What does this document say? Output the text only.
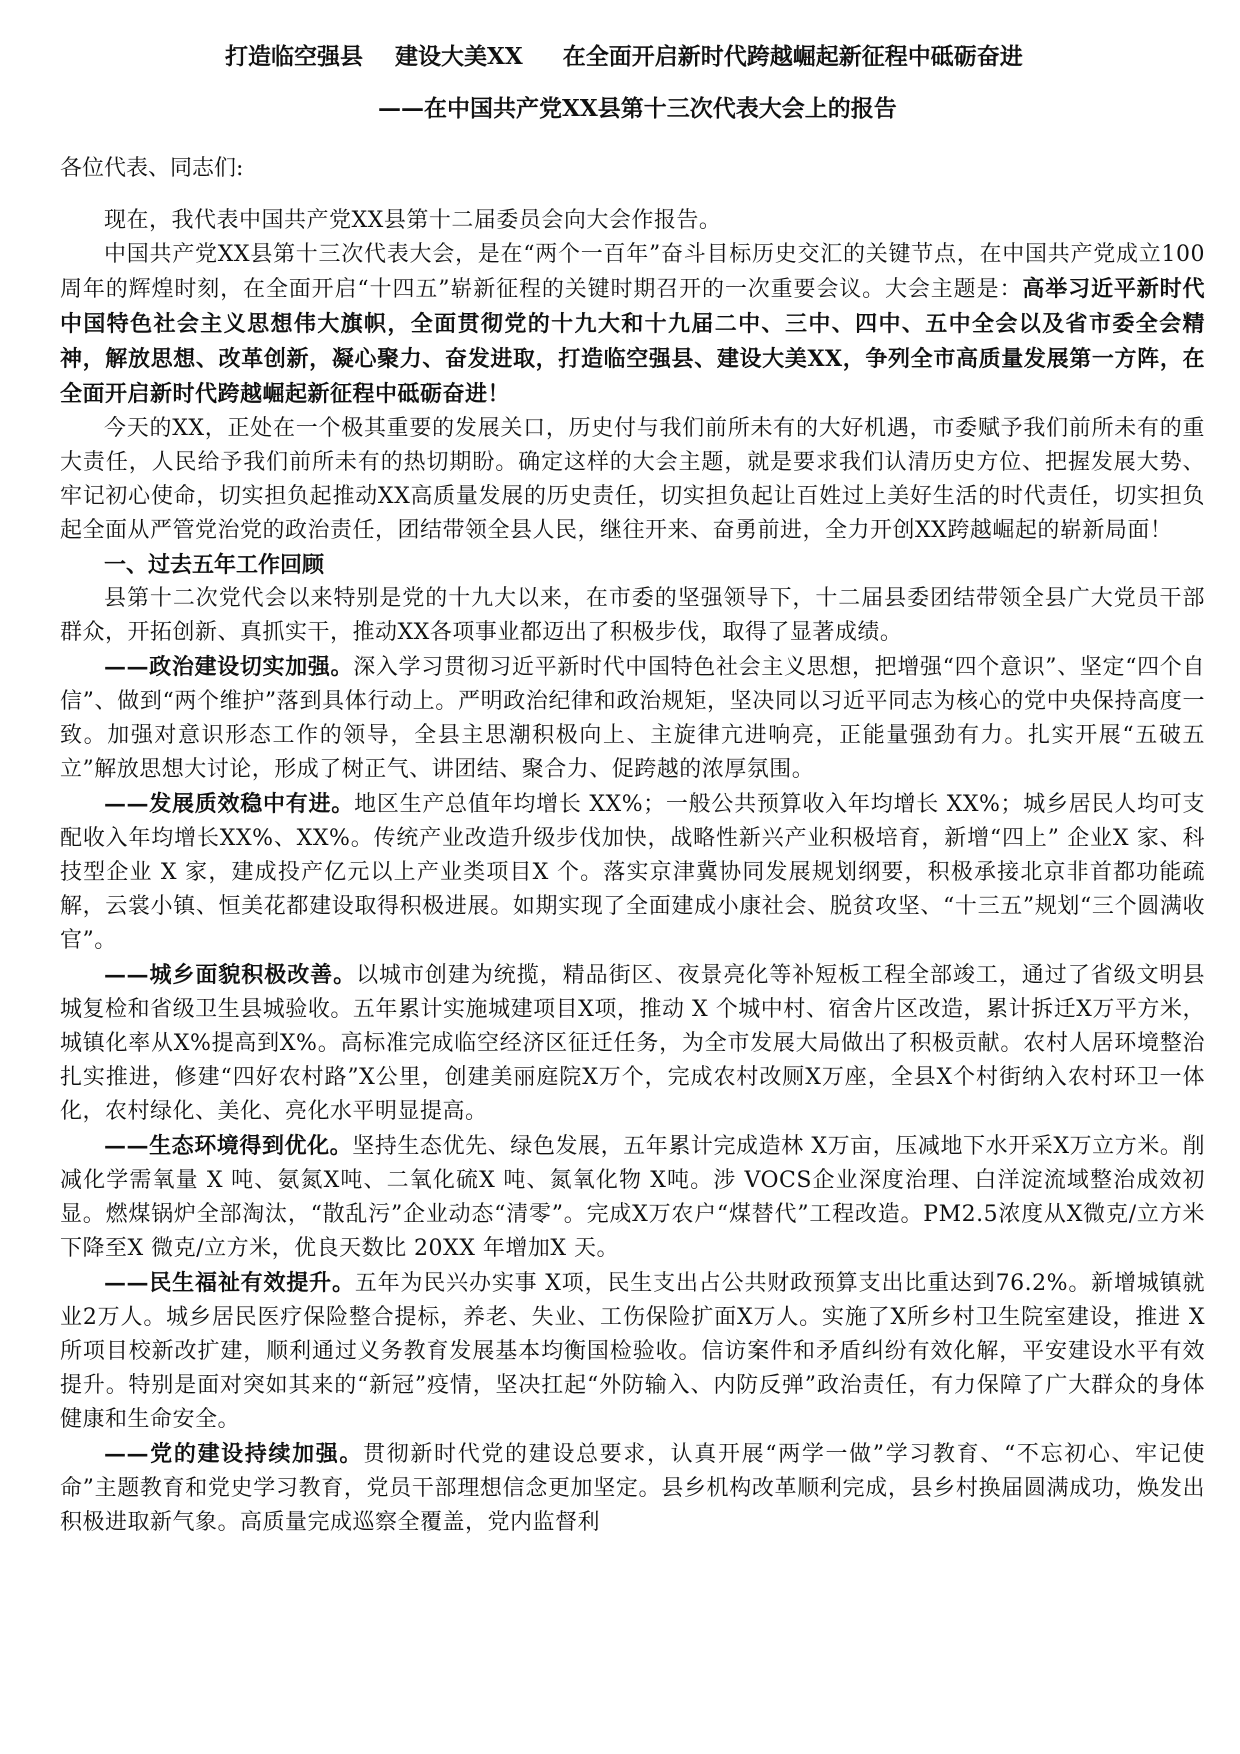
打造临空强县 建设大美XX 在全面开启新时代跨越崛起新征程中砥砺奋进
——在中国共产党XX县第十三次代表大会上的报告
各位代表、同志们:

现在，我代表中国共产党XX县第十二届委员会向大会作报告。

中国共产党XX县第十三次代表大会，是在“两个一百年”奋斗目标历史交汇的关键节点，在中国共产党成立100周年的辉煌时刻，在全面开启“十四五”崭新征程的关键时期召开的一次重要会议。大会主题是：高举习近平新时代中国特色社会主义思想伟大旗帜，全面贯彻党的十九大和十九届二中、三中、四中、五中全会以及省市委全会精神，解放思想、改革创新，凝心聚力、奋发进取，打造临空强县、建设大美XX，争列全市高质量发展第一方阵，在全面开启新时代跨越崛起新征程中砥砺奋进！

今天的XX，正处在一个极其重要的发展关口，历史付与我们前所未有的大好机遇，市委赋予我们前所未有的重大责任，人民给予我们前所未有的热切期盼。确定这样的大会主题，就是要求我们认清历史方位、把握发展大势、牢记初心使命，切实担负起推动XX高质量发展的历史责任，切实担负起让百姓过上美好生活的时代责任，切实担负起全面从严管党治党的政治责任，团结带领全县人民，继往开来、奋勇前进，全力开创XX跨越崛起的崭新局面！

一、过去五年工作回顾

县第十二次党代会以来特别是党的十九大以来，在市委的坚强领导下，十二届县委团结带领全县广大党员干部群众，开拓创新、真抓实干，推动XX各项事业都迈出了积极步伐，取得了显著成绩。

——政治建设切实加强。深入学习贯彻习近平新时代中国特色社会主义思想，把增强“四个意识”、坚定“四个自信”、做到“两个维护”落到具体行动上。严明政治纪律和政治规矩，坚决同以习近平同志为核心的党中央保持高度一致。加强对意识形态工作的领导，全县主思潮积极向上、主旋律亢进响亮，正能量强劲有力。扎实开展“五破五立”解放思想大讨论，形成了树正气、讲团结、聚合力、促跨越的浓厚氛围。

——发展质效稳中有进。地区生产总值年均增长 XX%；一般公共预算收入年均增长 XX%；城乡居民人均可支配收入年均增长XX%、XX%。传统产业改造升级步伐加快，战略性新兴产业积极培育，新增“四上” 企业X 家、科技型企业 X 家，建成投产亿元以上产业类项目X 个。落实京津冀协同发展规划纲要，积极承接北京非首都功能疏解，云裳小镇、恒美花都建设取得积极进展。如期实现了全面建成小康社会、脱贫攻坚、“十三五”规划“三个圆满收官”。

——城乡面貌积极改善。以城市创建为统揽，精品街区、夜景亮化等补短板工程全部竣工，通过了省级文明县城复检和省级卫生县城验收。五年累计实施城建项目X项，推动 X 个城中村、宿舍片区改造，累计拆迁X万平方米，城镇化率从X%提高到X%。高标准完成临空经济区征迁任务，为全市发展大局做出了积极贡献。农村人居环境整治扎实推进，修建“四好农村路”X公里，创建美丽庭院X万个，完成农村改厕X万座，全县X个村街纳入农村环卫一体化，农村绿化、美化、亮化水平明显提高。

——生态环境得到优化。坚持生态优先、绿色发展，五年累计完成造林 X万亩，压减地下水开采X万立方米。削减化学需氧量 X 吨、氨氮X吨、二氧化硫X 吨、氮氧化物 X吨。涉 VOCS企业深度治理、白洋淀流域整治成效初显。燃煤锅炉全部淘汰，“散乱污”企业动态“清零”。完成X万农户“煤替代”工程改造。PM2.5浓度从X微克/立方米下降至X 微克/立方米，优良天数比 20XX 年增加X 天。

——民生福祉有效提升。五年为民兴办实事 X项，民生支出占公共财政预算支出比重达到76.2%。新增城镇就业2万人。城乡居民医疗保险整合提标，养老、失业、工伤保险扩面X万人。实施了X所乡村卫生院室建设，推进 X所项目校新改扩建，顺利通过义务教育发展基本均衡国检验收。信访案件和矛盾纠纷有效化解，平安建设水平有效提升。特别是面对突如其来的“新冠”疫情，坚决扛起“外防输入、内防反弹”政治责任，有力保障了广大群众的身体健康和生命安全。

——党的建设持续加强。贯彻新时代党的建设总要求，认真开展“两学一做”学习教育、“不忘初心、牢记使命”主题教育和党史学习教育，党员干部理想信念更加坚定。县乡机构改革顺利完成，县乡村换届圆满成功，焕发出积极进取新气象。高质量完成巡察全覆盖，党内监督利
